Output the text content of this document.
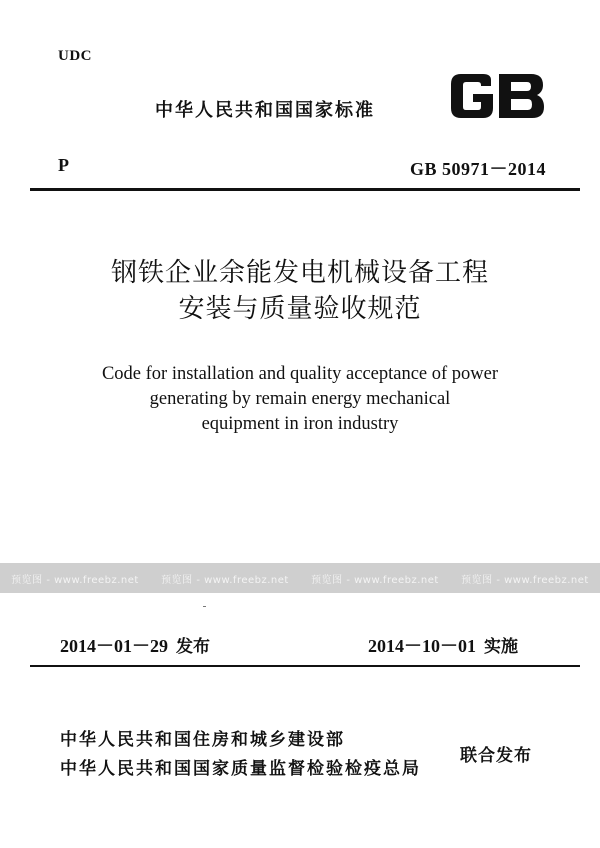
UDC
中华人民共和国国家标准
P	GB 50971－2014
钢铁企业余能发电机械设备工程
安装与质量验收规范
Code for installation and quality acceptance of power
generating by remain energy mechanical
equipment in iron industry
预览图 - www.freebz.net 预览图 - www.freebz.net 预览图 - www.freebz.net 预览图 - www.freebz.net
2014－01－29 发布	2014－10－01 实施
中华人民共和国住房和城乡建设部
中华人民共和国国家质量监督检验检疫总局
联合发布
